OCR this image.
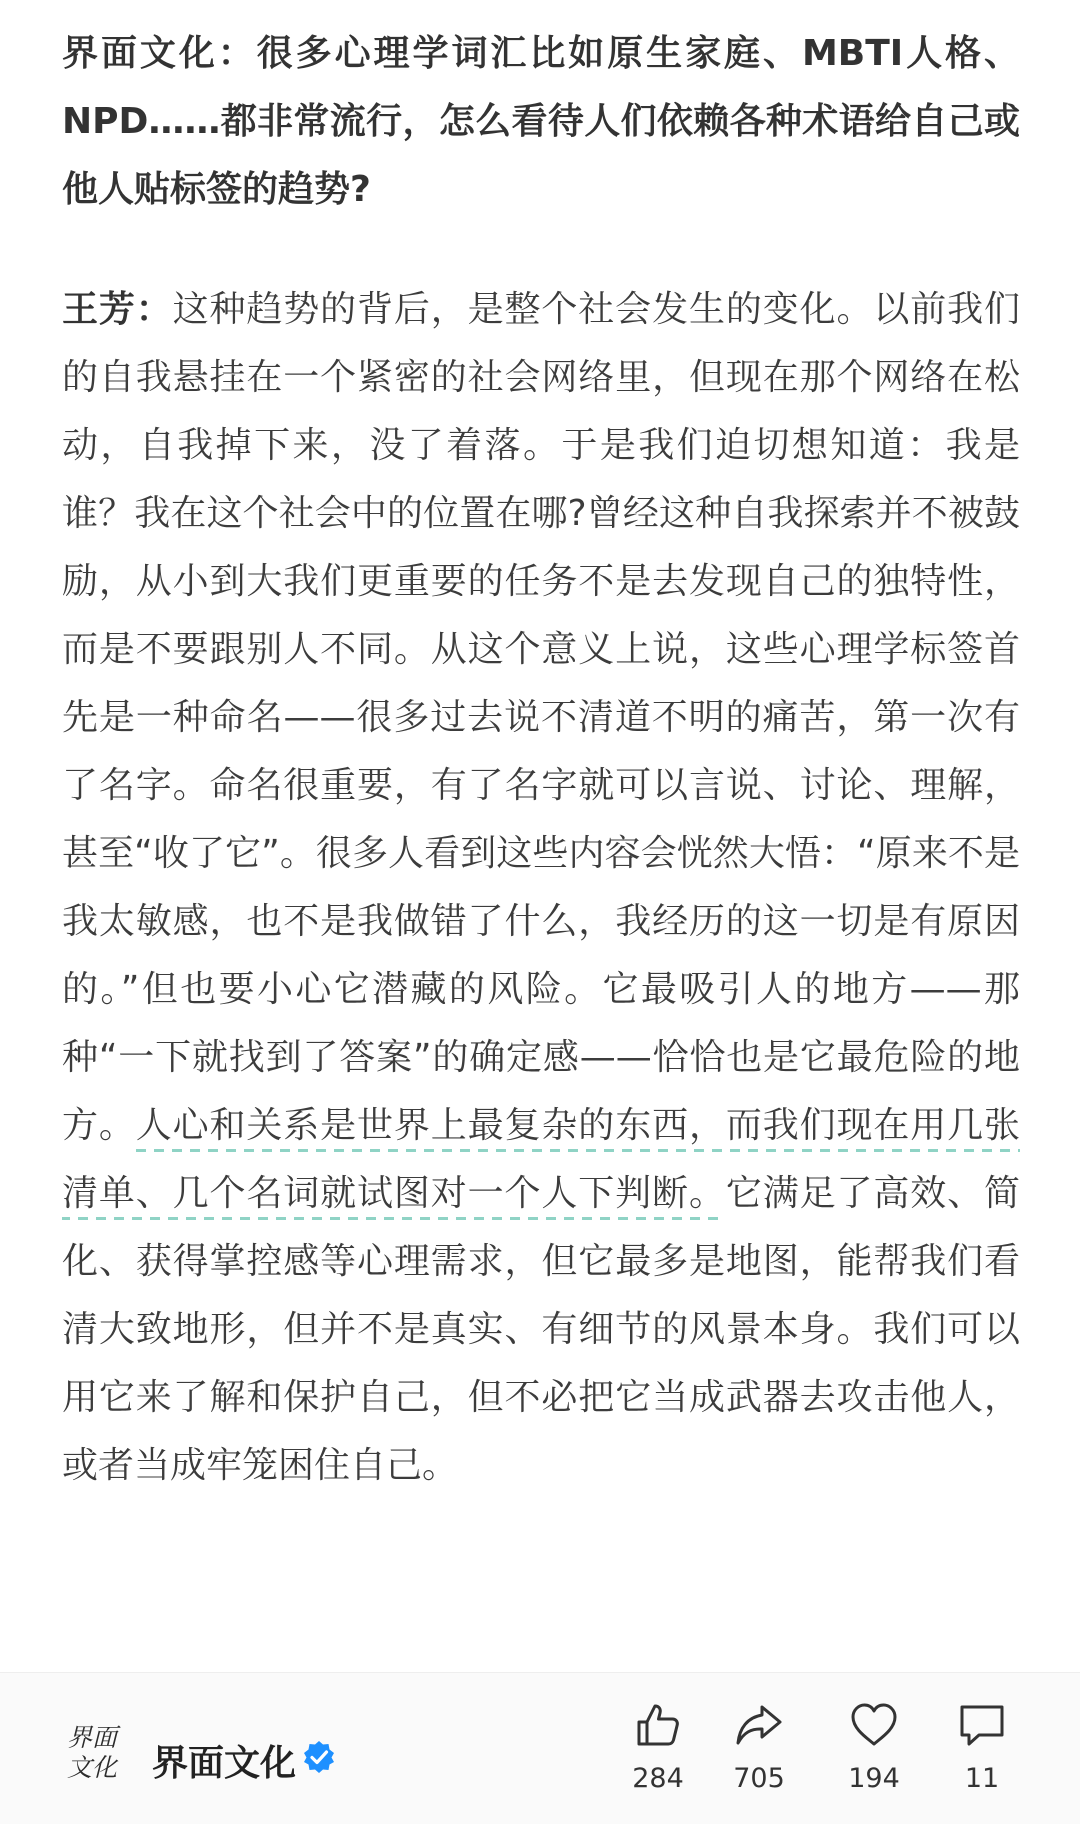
界面文化：很多心理学词汇比如原生家庭、MBTI人格、NPD……都非常流行，怎么看待人们依赖各种术语给自己或他人贴标签的趋势?

王芳：这种趋势的背后，是整个社会发生的变化。以前我们的自我悬挂在一个紧密的社会网络里，但现在那个网络在松动，自我掉下来，没了着落。于是我们迫切想知道：我是谁？我在这个社会中的位置在哪?曾经这种自我探索并不被鼓励，从小到大我们更重要的任务不是去发现自己的独特性，而是不要跟别人不同。从这个意义上说，这些心理学标签首先是一种命名——很多过去说不清道不明的痛苦，第一次有了名字。命名很重要，有了名字就可以言说、讨论、理解，甚至“收了它”。很多人看到这些内容会恍然大悟：“原来不是我太敏感，也不是我做错了什么，我经历的这一切是有原因的。”但也要小心它潜藏的风险。它最吸引人的地方——那种“一下就找到了答案”的确定感——恰恰也是它最危险的地方。人心和关系是世界上最复杂的东西，而我们现在用几张清单、几个名词就试图对一个人下判断。它满足了高效、简化、获得掌控感等心理需求，但它最多是地图，能帮我们看清大致地形，但并不是真实、有细节的风景本身。我们可以用它来了解和保护自己，但不必把它当成武器去攻击他人，或者当成牢笼困住自己。

界面
文化 界面文化	284	705	194	11
